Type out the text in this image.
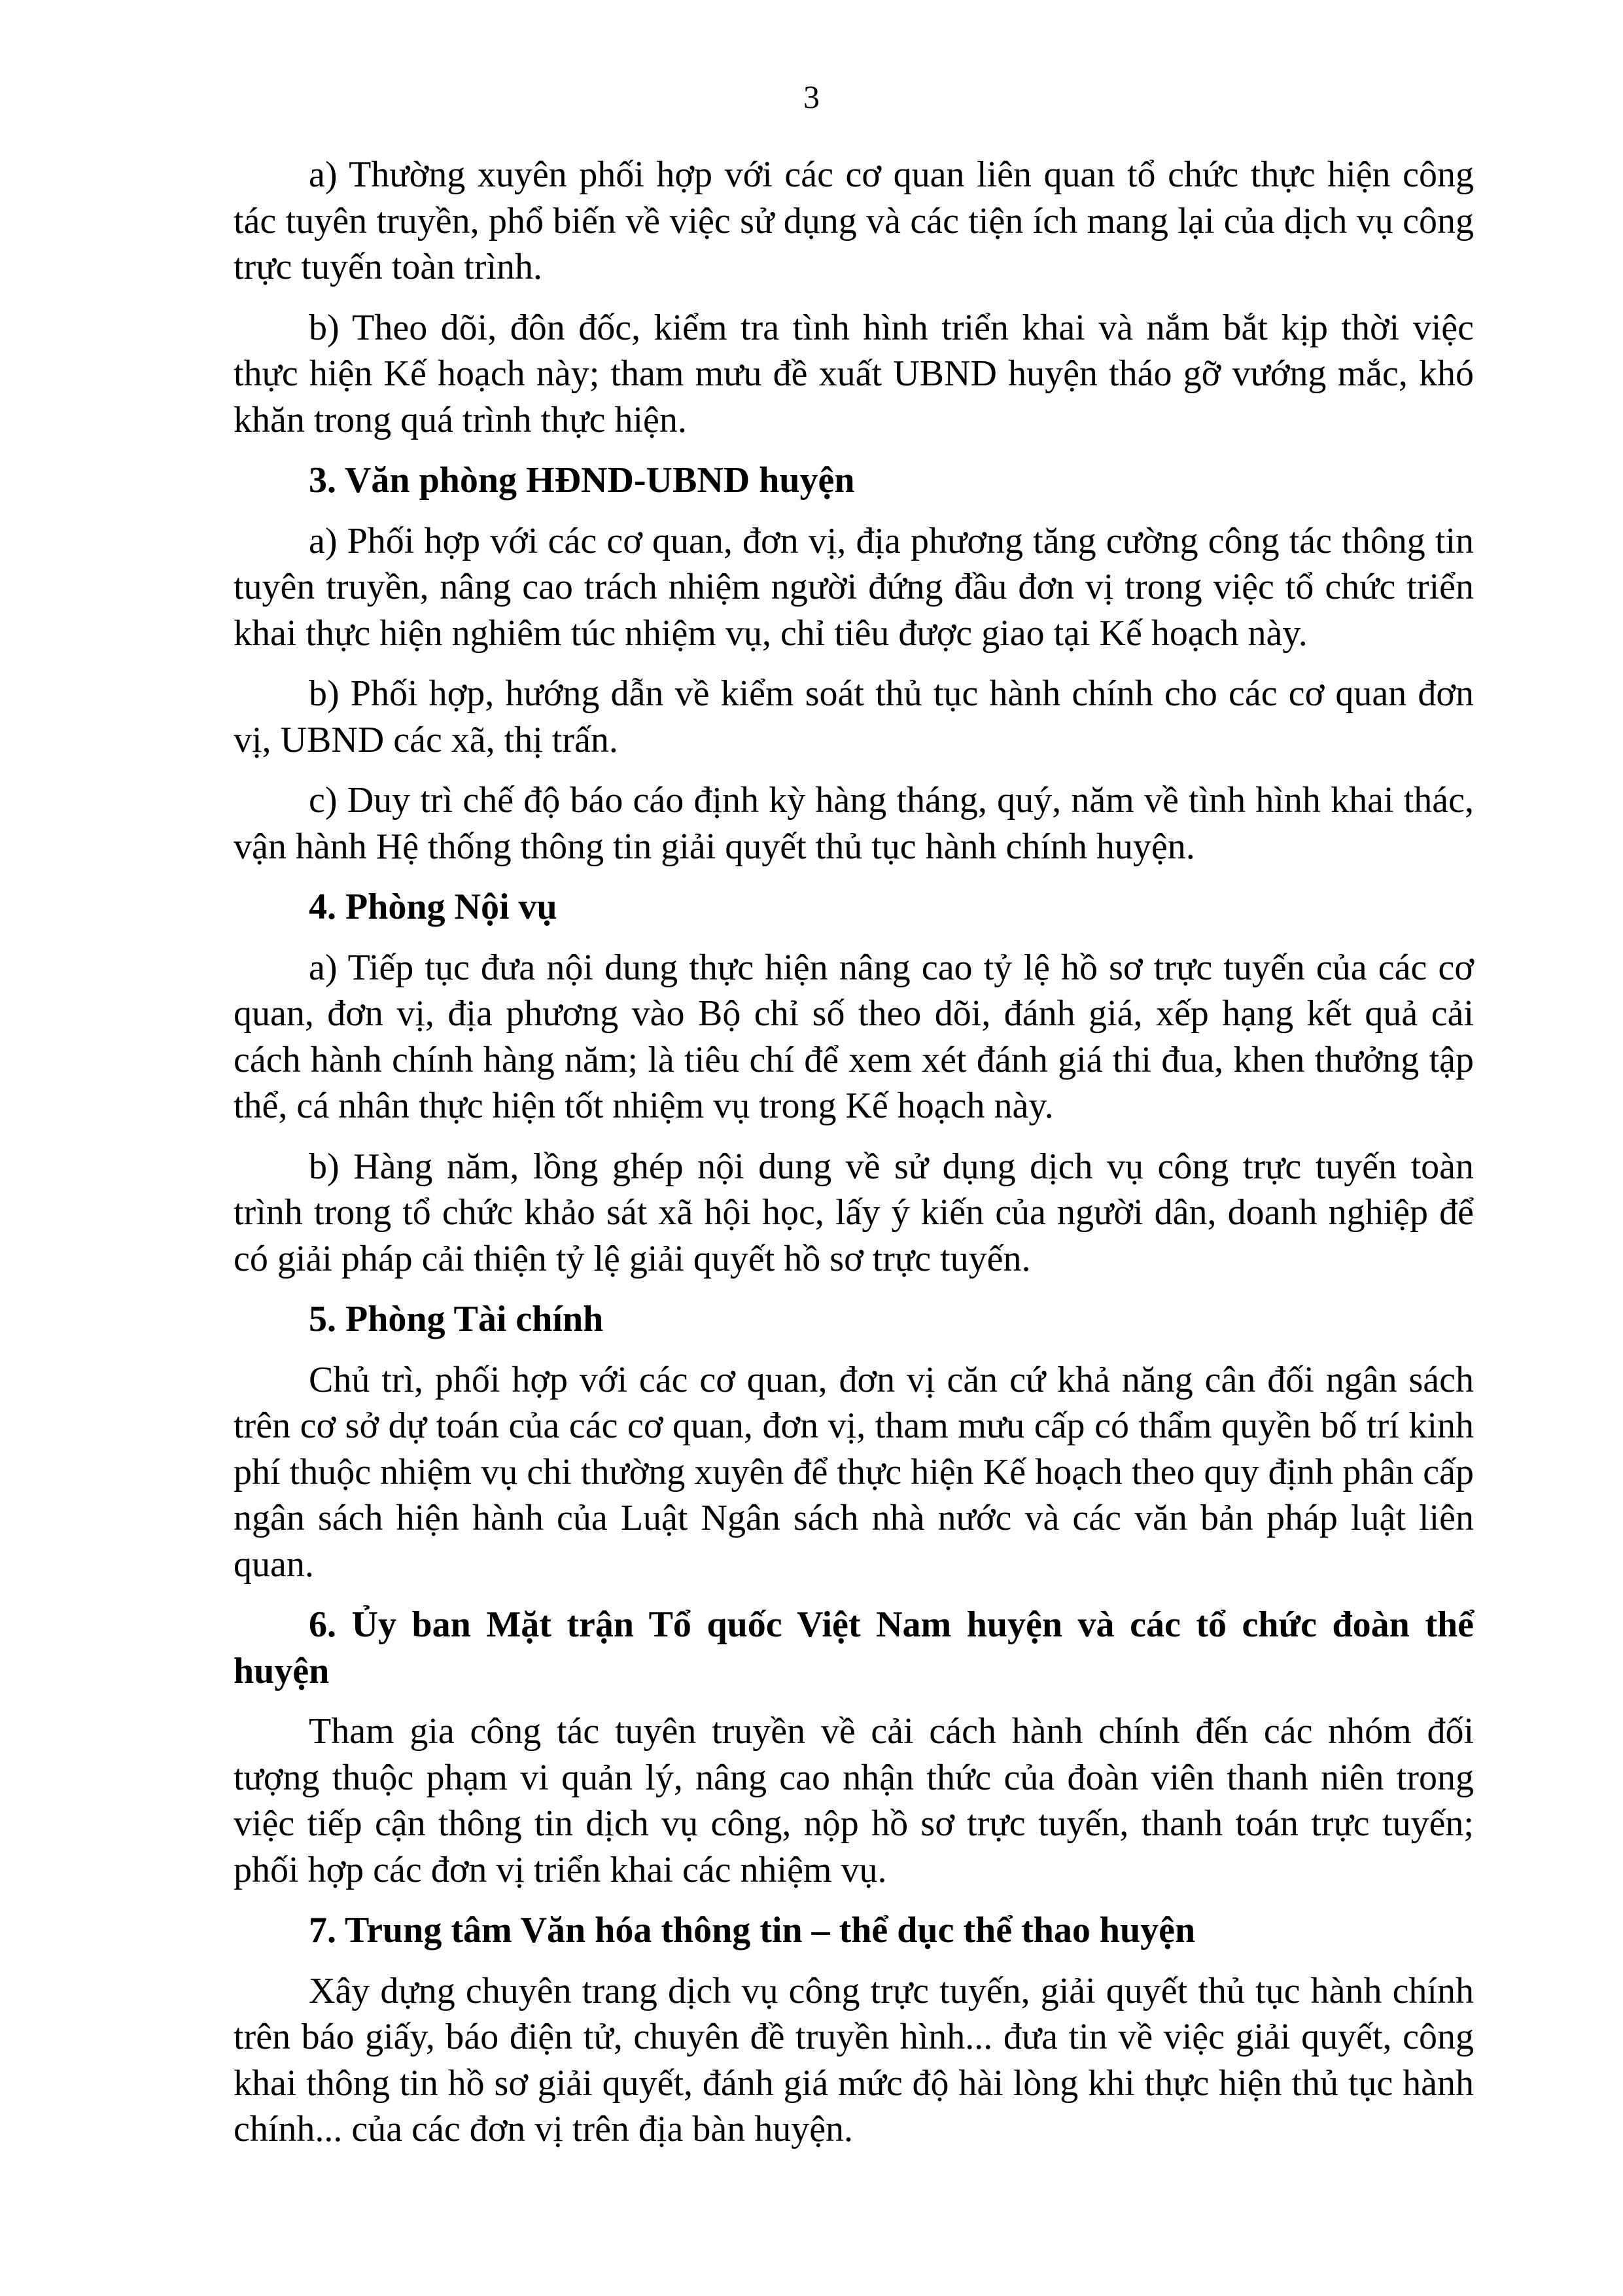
3

a) Thường xuyên phối hợp với các cơ quan liên quan tổ chức thực hiện công tác tuyên truyền, phổ biến về việc sử dụng và các tiện ích mang lại của dịch vụ công trực tuyến toàn trình.

b) Theo dõi, đôn đốc, kiểm tra tình hình triển khai và nắm bắt kịp thời việc thực hiện Kế hoạch này; tham mưu đề xuất UBND huyện tháo gỡ vướng mắc, khó khăn trong quá trình thực hiện.

3. Văn phòng HĐND-UBND huyện

a) Phối hợp với các cơ quan, đơn vị, địa phương tăng cường công tác thông tin tuyên truyền, nâng cao trách nhiệm người đứng đầu đơn vị trong việc tổ chức triển khai thực hiện nghiêm túc nhiệm vụ, chỉ tiêu được giao tại Kế hoạch này.

b) Phối hợp, hướng dẫn về kiểm soát thủ tục hành chính cho các cơ quan đơn vị, UBND các xã, thị trấn.

c) Duy trì chế độ báo cáo định kỳ hàng tháng, quý, năm về tình hình khai thác, vận hành Hệ thống thông tin giải quyết thủ tục hành chính huyện.

4. Phòng Nội vụ

a) Tiếp tục đưa nội dung thực hiện nâng cao tỷ lệ hồ sơ trực tuyến của các cơ quan, đơn vị, địa phương vào Bộ chỉ số theo dõi, đánh giá, xếp hạng kết quả cải cách hành chính hàng năm; là tiêu chí để xem xét đánh giá thi đua, khen thưởng tập thể, cá nhân thực hiện tốt nhiệm vụ trong Kế hoạch này.

b) Hàng năm, lồng ghép nội dung về sử dụng dịch vụ công trực tuyến toàn trình trong tổ chức khảo sát xã hội học, lấy ý kiến của người dân, doanh nghiệp để có giải pháp cải thiện tỷ lệ giải quyết hồ sơ trực tuyến.

5. Phòng Tài chính

Chủ trì, phối hợp với các cơ quan, đơn vị căn cứ khả năng cân đối ngân sách trên cơ sở dự toán của các cơ quan, đơn vị, tham mưu cấp có thẩm quyền bố trí kinh phí thuộc nhiệm vụ chi thường xuyên để thực hiện Kế hoạch theo quy định phân cấp ngân sách hiện hành của Luật Ngân sách nhà nước và các văn bản pháp luật liên quan.

6. Ủy ban Mặt trận Tổ quốc Việt Nam huyện và các tổ chức đoàn thể huyện

Tham gia công tác tuyên truyền về cải cách hành chính đến các nhóm đối tượng thuộc phạm vi quản lý, nâng cao nhận thức của đoàn viên thanh niên trong việc tiếp cận thông tin dịch vụ công, nộp hồ sơ trực tuyến, thanh toán trực tuyến; phối hợp các đơn vị triển khai các nhiệm vụ.

7. Trung tâm Văn hóa thông tin – thể dục thể thao huyện

Xây dựng chuyên trang dịch vụ công trực tuyến, giải quyết thủ tục hành chính trên báo giấy, báo điện tử, chuyên đề truyền hình... đưa tin về việc giải quyết, công khai thông tin hồ sơ giải quyết, đánh giá mức độ hài lòng khi thực hiện thủ tục hành chính... của các đơn vị trên địa bàn huyện.
